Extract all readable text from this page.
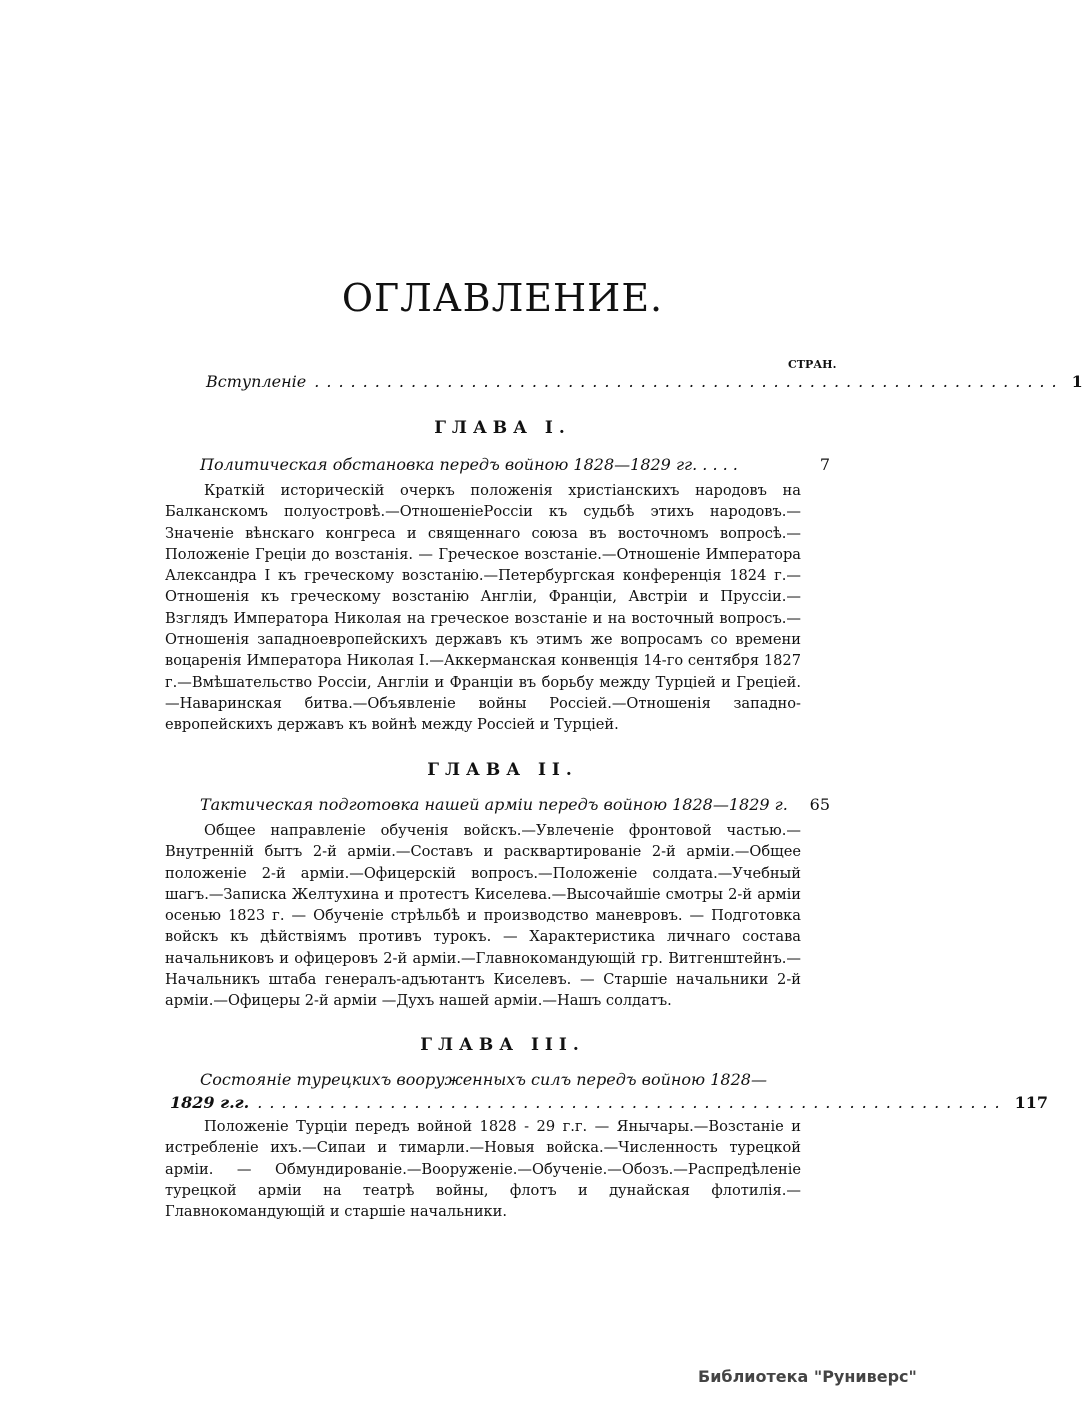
ОГЛАВЛЕНИЕ.
СТРАН.
Вступленіе .............................................................. 1
ГЛАВА I.
Политическая обстановка передъ войною 1828—1829 гг. . . . .	7
Краткій историческій очеркъ положенія христіанскихъ народовъ на Балканскомъ полуостровѣ.—ОтношеніеРоссіи къ судьбѣ этихъ народовъ.—Значеніе вѣнскаго конгреса и священнаго союза въ восточномъ вопросѣ.—Положеніе Греціи до возстанія. — Греческое возстаніе.—Отношеніе Императора Александра I къ греческому возстанію.—Петербургская конференція 1824 г.—Отношенія къ греческому возстанію Англіи, Франціи, Австріи и Пруссіи.—Взглядъ Императора Николая на греческое возстаніе и на восточный вопросъ.—Отношенія западноевропейскихъ державъ къ этимъ же вопросамъ со времени воцаренія Императора Николая I.—Аккерманская конвенція 14-го сентября 1827 г.—Вмѣшательство Россіи, Англіи и Франціи въ борьбу между Турціей и Греціей.—Наваринская битва.—Объявленіе войны Россіей.—Отношенія западно-европейскихъ державъ къ войнѣ между Россіей и Турціей.
ГЛАВА II.
Тактическая подготовка нашей арміи передъ войною 1828—1829 г. 65
Общее направленіе обученія войскъ.—Увлеченіе фронтовой частью.—Внутренній бытъ 2-й арміи.—Составъ и расквартированіе 2-й арміи.—Общее положеніе 2-й арміи.—Офицерскій вопросъ.—Положеніе солдата.—Учебный шагъ.—Записка Желтухина и протестъ Киселева.—Высочайшіе смотры 2-й арміи осенью 1823 г. — Обученіе стрѣльбѣ и производство маневровъ. — Подготовка войскъ къ дѣйствіямъ противъ турокъ. — Характеристика личнаго состава начальниковъ и офицеровъ 2-й арміи.—Главнокомандующій гр. Витгенштейнъ.—Начальникъ штаба генералъ-адъютантъ Киселевъ. — Старшіе начальники 2-й арміи.—Офицеры 2-й арміи —Духъ нашей арміи.—Нашъ солдатъ.
ГЛАВА III.
Состояніе турецкихъ вооруженныхъ силъ передъ войною 1828—
1829 г.г. .............................................................. 117
Положеніе Турціи передъ войной 1828 - 29 г.г. — Янычары.—Возстаніе и истребленіе ихъ.—Сипаи и тимарли.—Новыя войска.—Численность турецкой арміи. — Обмундированіе.—Вооруженіе.—Обученіе.—Обозъ.—Распредѣленіе турецкой арміи на театрѣ войны, флотъ и дунайская флотилія.—Главнокомандующій и старшіе начальники.
Библиотека "Руниверс"
